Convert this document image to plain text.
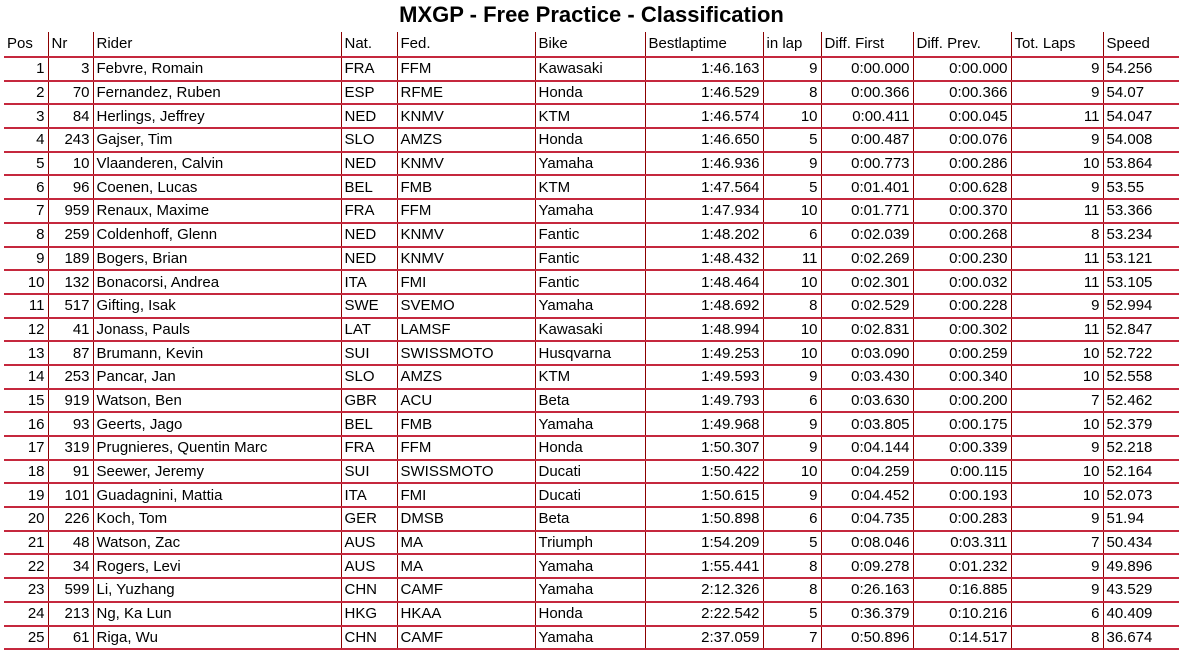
MXGP - Free Practice - Classification
Pos	Nr	Rider	Nat.	Fed.	Bike	Bestlaptime	in lap	Diff. First	Diff. Prev.	Tot. Laps	Speed
1	3	Febvre, Romain	FRA	FFM	Kawasaki	1:46.163	9	0:00.000	0:00.000	9	54.256
2	70	Fernandez, Ruben	ESP	RFME	Honda	1:46.529	8	0:00.366	0:00.366	9	54.07
3	84	Herlings, Jeffrey	NED	KNMV	KTM	1:46.574	10	0:00.411	0:00.045	11	54.047
4	243	Gajser, Tim	SLO	AMZS	Honda	1:46.650	5	0:00.487	0:00.076	9	54.008
5	10	Vlaanderen, Calvin	NED	KNMV	Yamaha	1:46.936	9	0:00.773	0:00.286	10	53.864
6	96	Coenen, Lucas	BEL	FMB	KTM	1:47.564	5	0:01.401	0:00.628	9	53.55
7	959	Renaux, Maxime	FRA	FFM	Yamaha	1:47.934	10	0:01.771	0:00.370	11	53.366
8	259	Coldenhoff, Glenn	NED	KNMV	Fantic	1:48.202	6	0:02.039	0:00.268	8	53.234
9	189	Bogers, Brian	NED	KNMV	Fantic	1:48.432	11	0:02.269	0:00.230	11	53.121
10	132	Bonacorsi, Andrea	ITA	FMI	Fantic	1:48.464	10	0:02.301	0:00.032	11	53.105
11	517	Gifting, Isak	SWE	SVEMO	Yamaha	1:48.692	8	0:02.529	0:00.228	9	52.994
12	41	Jonass, Pauls	LAT	LAMSF	Kawasaki	1:48.994	10	0:02.831	0:00.302	11	52.847
13	87	Brumann, Kevin	SUI	SWISSMOTO	Husqvarna	1:49.253	10	0:03.090	0:00.259	10	52.722
14	253	Pancar, Jan	SLO	AMZS	KTM	1:49.593	9	0:03.430	0:00.340	10	52.558
15	919	Watson, Ben	GBR	ACU	Beta	1:49.793	6	0:03.630	0:00.200	7	52.462
16	93	Geerts, Jago	BEL	FMB	Yamaha	1:49.968	9	0:03.805	0:00.175	10	52.379
17	319	Prugnieres, Quentin Marc	FRA	FFM	Honda	1:50.307	9	0:04.144	0:00.339	9	52.218
18	91	Seewer, Jeremy	SUI	SWISSMOTO	Ducati	1:50.422	10	0:04.259	0:00.115	10	52.164
19	101	Guadagnini, Mattia	ITA	FMI	Ducati	1:50.615	9	0:04.452	0:00.193	10	52.073
20	226	Koch, Tom	GER	DMSB	Beta	1:50.898	6	0:04.735	0:00.283	9	51.94
21	48	Watson, Zac	AUS	MA	Triumph	1:54.209	5	0:08.046	0:03.311	7	50.434
22	34	Rogers, Levi	AUS	MA	Yamaha	1:55.441	8	0:09.278	0:01.232	9	49.896
23	599	Li, Yuzhang	CHN	CAMF	Yamaha	2:12.326	8	0:26.163	0:16.885	9	43.529
24	213	Ng, Ka Lun	HKG	HKAA	Honda	2:22.542	5	0:36.379	0:10.216	6	40.409
25	61	Riga, Wu	CHN	CAMF	Yamaha	2:37.059	7	0:50.896	0:14.517	8	36.674
